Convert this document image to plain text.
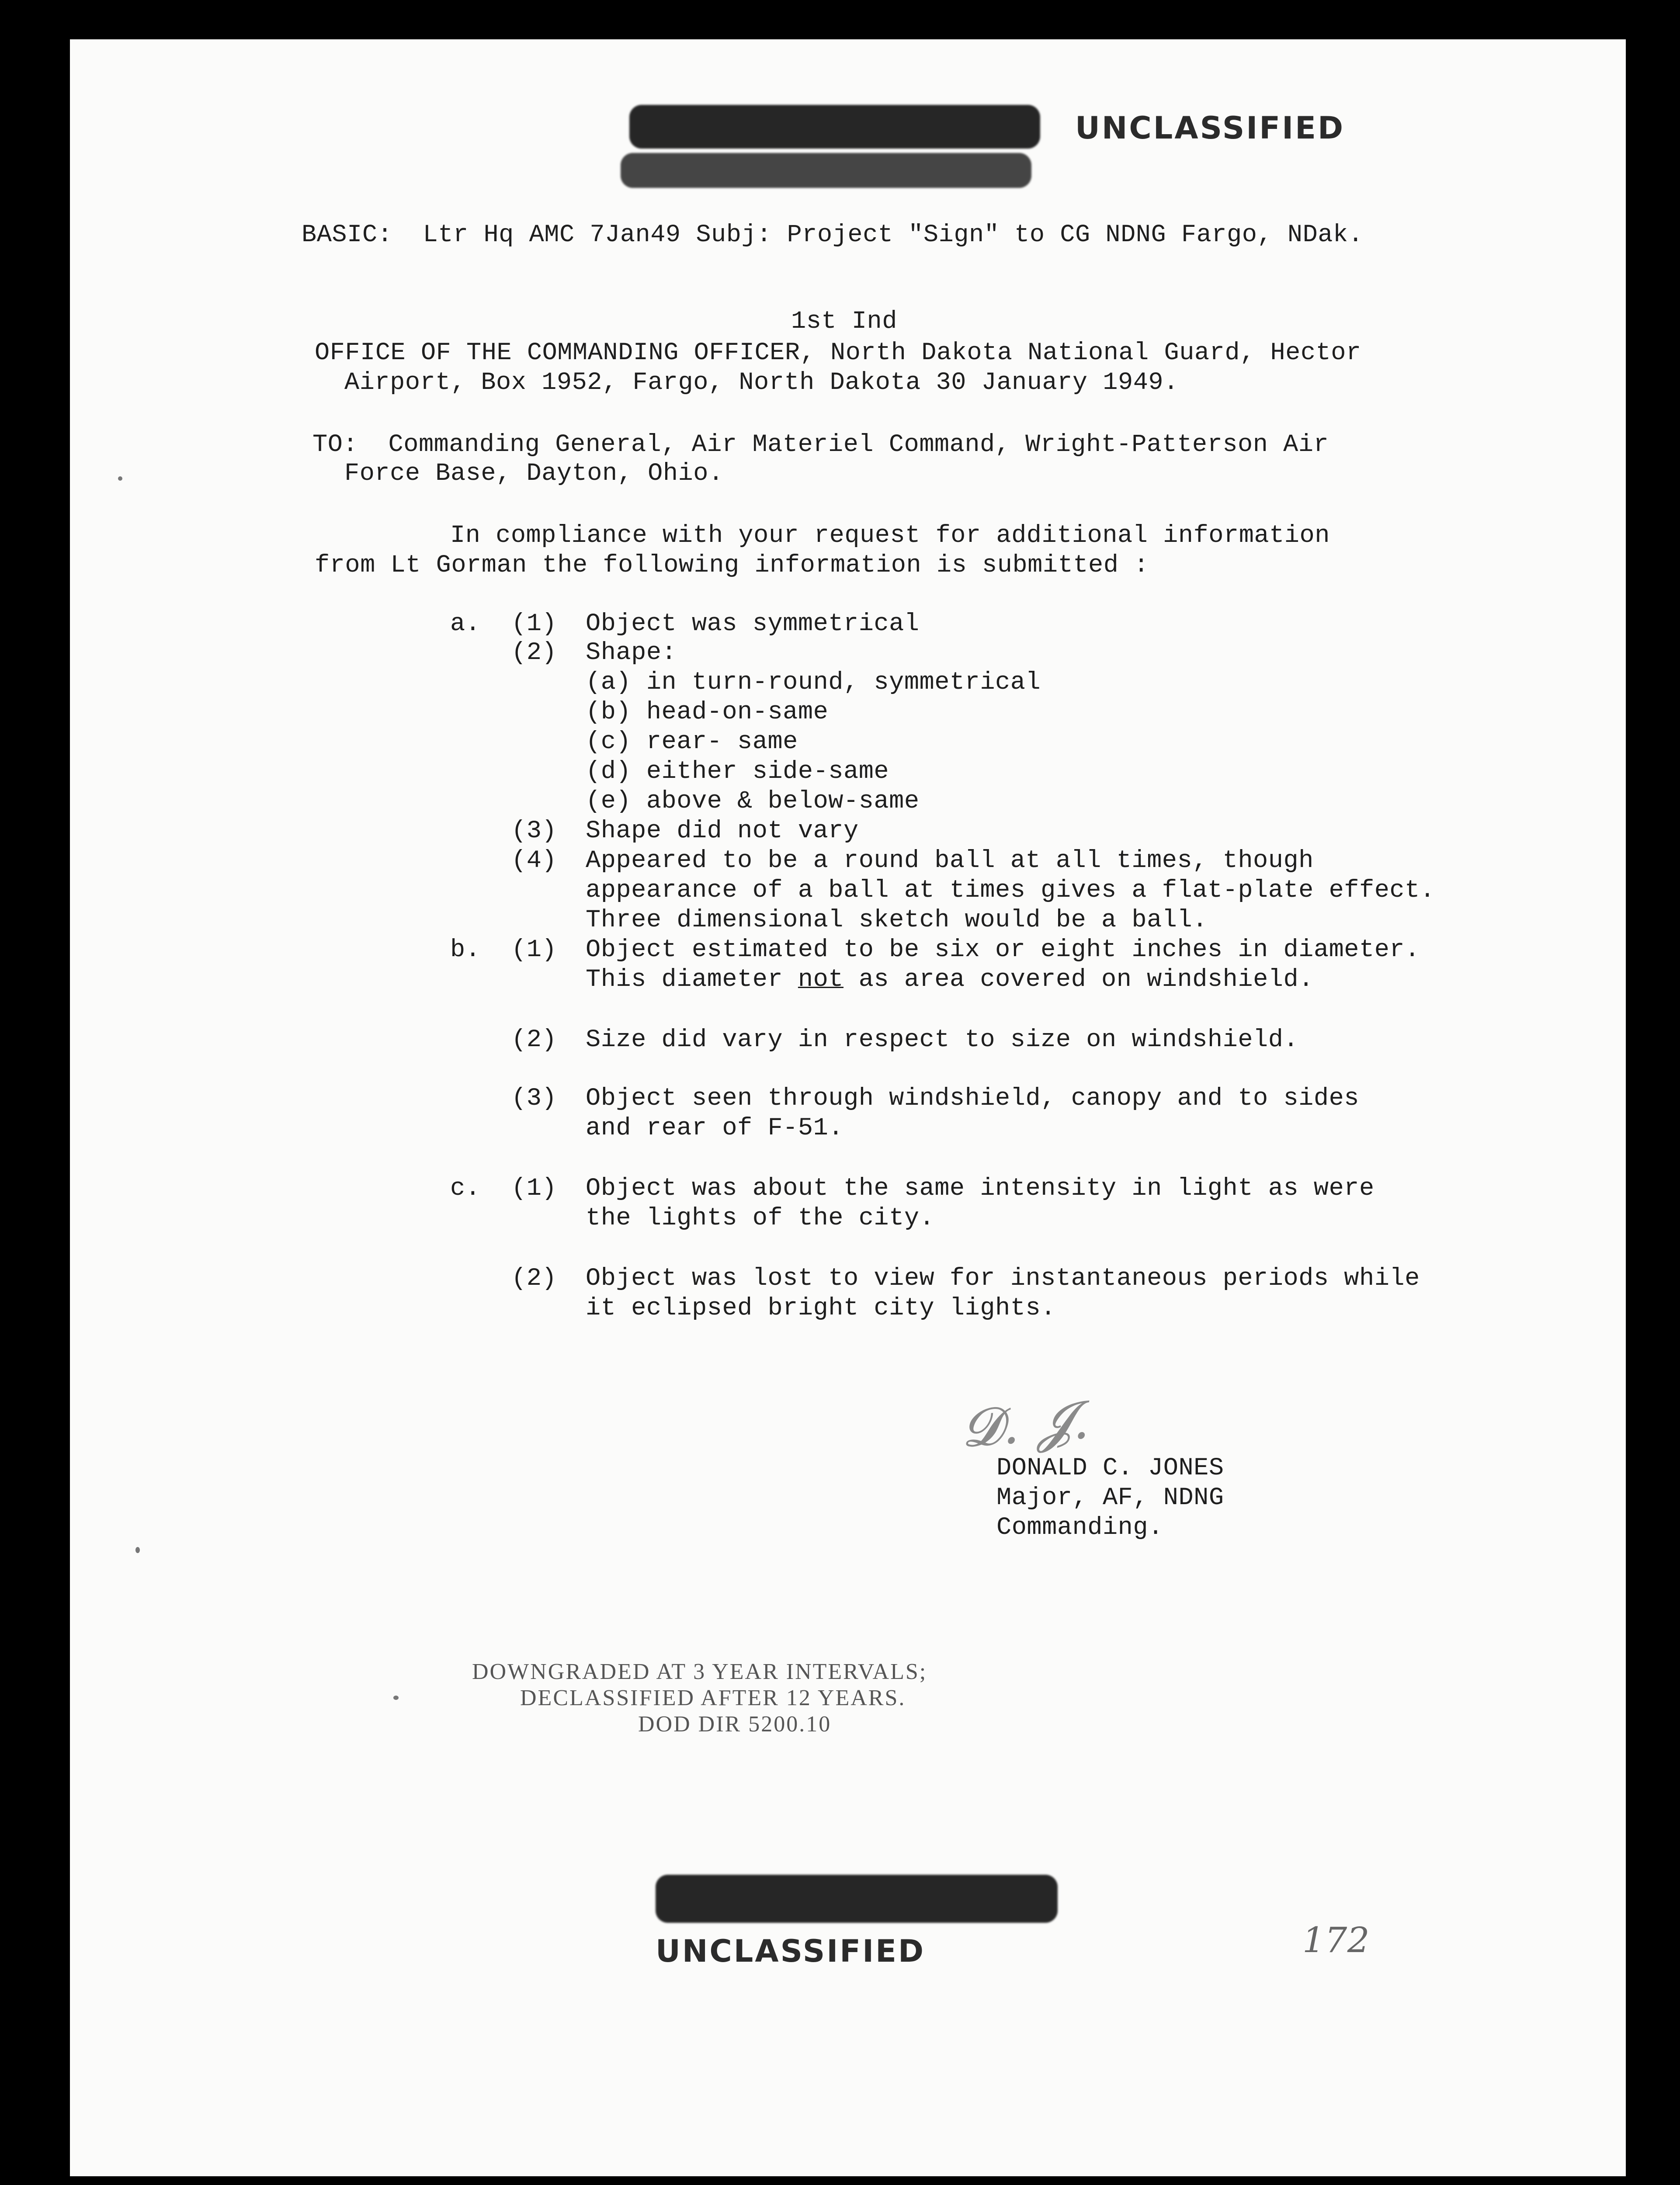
UNCLASSIFIED
BASIC:  Ltr Hq AMC 7Jan49 Subj: Project "Sign" to CG NDNG Fargo, NDak.
1st Ind
OFFICE OF THE COMMANDING OFFICER, North Dakota National Guard, Hector
Airport, Box 1952, Fargo, North Dakota 30 January 1949.
TO:  Commanding General, Air Materiel Command, Wright-Patterson Air
Force Base, Dayton, Ohio.
In compliance with your request for additional information
from Lt Gorman the following information is submitted :
a. (1) Object was symmetrical
(2) Shape:
(a) in turn-round, symmetrical
(b) head-on-same
(c) rear- same
(d) either side-same
(e) above & below-same
(3) Shape did not vary
(4) Appeared to be a round ball at all times, though
appearance of a ball at times gives a flat-plate effect.
Three dimensional sketch would be a ball.
b. (1) Object estimated to be six or eight inches in diameter.
This diameter not as area covered on windshield.
(2) Size did vary in respect to size on windshield.
(3) Object seen through windshield, canopy and to sides
and rear of F-51.
c. (1) Object was about the same intensity in light as were
the lights of the city.
(2) Object was lost to view for instantaneous periods while
it eclipsed bright city lights.
𝓓. 𝓙.
DONALD C. JONES
Major, AF, NDNG
Commanding.
DOWNGRADED AT 3 YEAR INTERVALS;
DECLASSIFIED AFTER 12 YEARS.
DOD DIR 5200.10
UNCLASSIFIED	172
